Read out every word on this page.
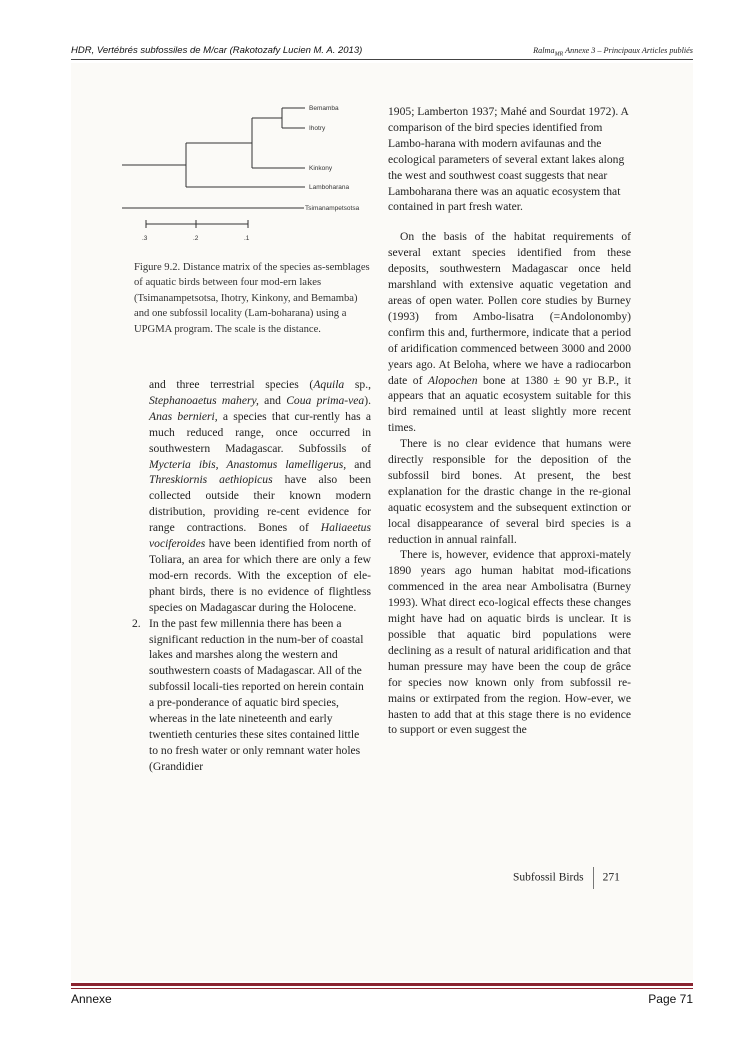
HDR, Vertébrés subfossiles de M/car (Rakotozafy Lucien M. A. 2013)	Ralma$_{MR}$ Annexe 3 – Principaux Articles publiés
Bemamba
Ihotry
Kinkony
Lamboharana
Tsimanampetsotsa
.3	.2	.1
Figure 9.2. Distance matrix of the species as-semblages of aquatic birds between four mod-ern lakes (Tsimanampetsotsa, Ihotry, Kinkony, and Bemamba) and one subfossil locality (Lam-boharana) using a UPGMA program. The scale is the distance.

and three terrestrial species (Aquila sp., Stephanoaetus mahery, and Coua prima-vea). Anas bernieri, a species that cur-rently has a much reduced range, once occurred in southwestern Madagascar. Subfossils of Mycteria ibis, Anastomus lamelligerus, and Threskiornis aethiopicus have also been collected outside their known modern distribution, providing re-cent evidence for range contractions. Bones of Haliaeetus vociferoides have been identified from north of Toliara, an area for which there are only a few mod-ern records. With the exception of ele-phant birds, there is no evidence of flightless species on Madagascar during the Holocene.

2. In the past few millennia there has been a significant reduction in the num-ber of coastal lakes and marshes along the western and southwestern coasts of Madagascar. All of the subfossil locali-ties reported on herein contain a pre-ponderance of aquatic bird species, whereas in the late nineteenth and early twentieth centuries these sites contained little to no fresh water or only remnant water holes (Grandidier

1905; Lamberton 1937; Mahé and Sourdat 1972). A comparison of the bird species identified from Lambo-harana with modern avifaunas and the ecological parameters of several extant lakes along the west and southwest coast suggests that near Lamboharana there was an aquatic ecosystem that contained in part fresh water.

On the basis of the habitat requirements of several extant species identified from these deposits, southwestern Madagascar once held marshland with extensive aquatic vegetation and areas of open water. Pollen core studies by Burney (1993) from Ambo-lisatra (=Andolonomby) confirm this and, furthermore, indicate that a period of aridification commenced between 3000 and 2000 years ago. At Beloha, where we have a radiocarbon date of Alopochen bone at 1380 ± 90 yr B.P., it appears that an aquatic ecosystem suitable for this bird remained until at least slightly more recent times.

There is no clear evidence that humans were directly responsible for the deposition of the subfossil bird bones. At present, the best explanation for the drastic change in the re-gional aquatic ecosystem and the subsequent extinction or local disappearance of several bird species is a reduction in annual rainfall.

There is, however, evidence that approxi-mately 1890 years ago human habitat mod-ifications commenced in the area near Ambolisatra (Burney 1993). What direct eco-logical effects these changes might have had on aquatic birds is unclear. It is possible that aquatic bird populations were declining as a result of natural aridification and that human pressure may have been the coup de grâce for species now known only from subfossil re-mains or extirpated from the region. How-ever, we hasten to add that at this stage there is no evidence to support or even suggest the

Subfossil Birds 271
Annexe	Page 71
